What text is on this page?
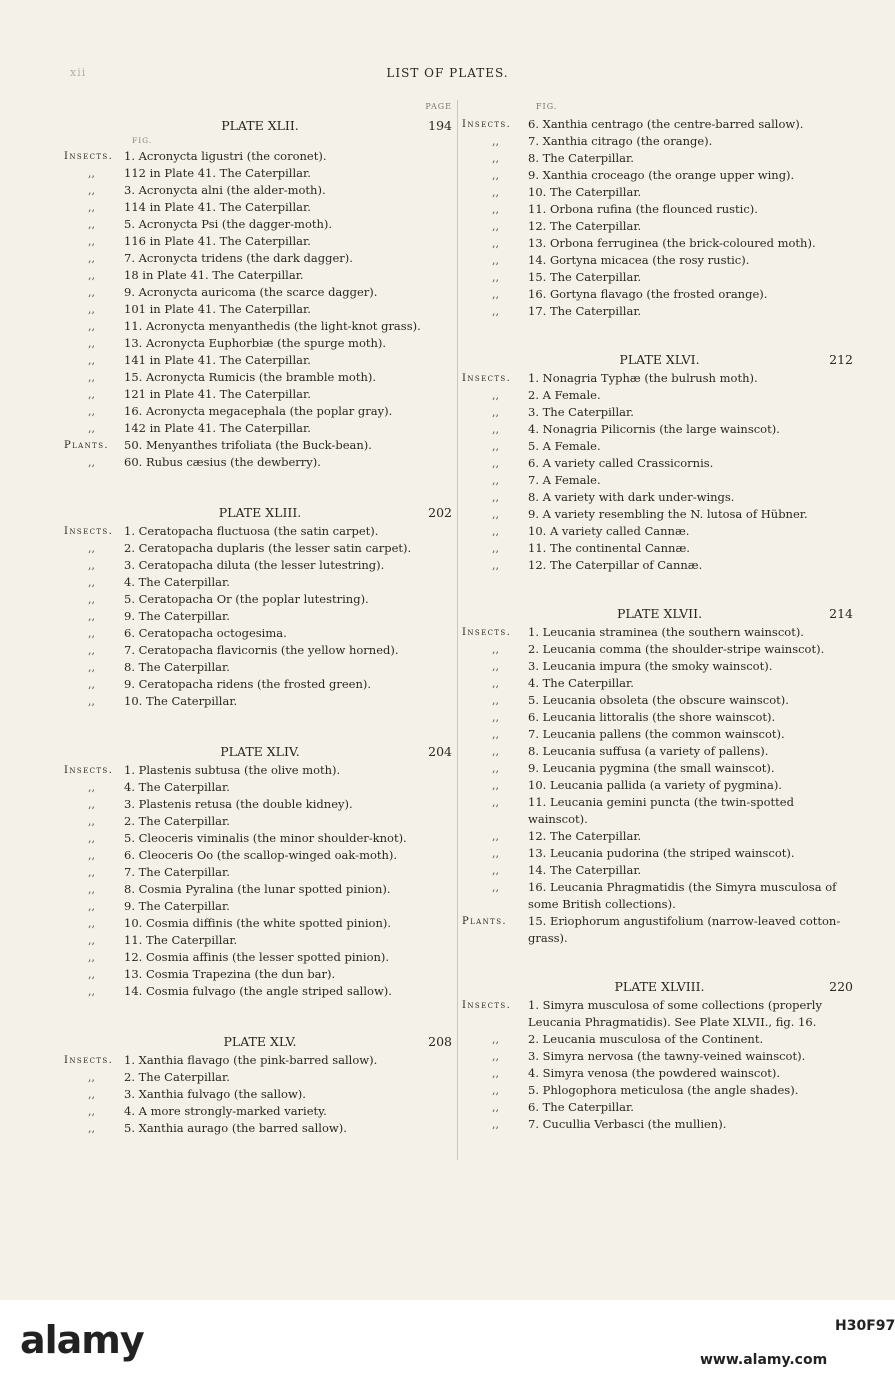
xii	LIST OF PLATES.
PAGE
PLATE XLII.	194
FIG.
Insects. 1. Acronycta ligustri (the coronet).
,,	112 in Plate 41. The Caterpillar.
,,	3. Acronycta alni (the alder-moth).
,,	114 in Plate 41. The Caterpillar.
,,	5. Acronycta Psi (the dagger-moth).
,,	116 in Plate 41. The Caterpillar.
,,	7. Acronycta tridens (the dark dagger).
,,	18 in Plate 41. The Caterpillar.
,,	9. Acronycta auricoma (the scarce dagger).
,,	101 in Plate 41. The Caterpillar.
,,	11. Acronycta menyanthedis (the light-knot grass).
,,	13. Acronycta Euphorbiæ (the spurge moth).
,,	141 in Plate 41. The Caterpillar.
,,	15. Acronycta Rumicis (the bramble moth).
,,	121 in Plate 41. The Caterpillar.
,,	16. Acronycta megacephala (the poplar gray).
,,	142 in Plate 41. The Caterpillar.
Plants.	50. Menyanthes trifoliata (the Buck-bean).
,,	60. Rubus cæsius (the dewberry).
PLATE XLIII.	202
Insects. 1. Ceratopacha fluctuosa (the satin carpet).
,,	2. Ceratopacha duplaris (the lesser satin carpet).
,,	3. Ceratopacha diluta (the lesser lutestring).
,,	4. The Caterpillar.
,,	5. Ceratopacha Or (the poplar lutestring).
,,	9. The Caterpillar.
,,	6. Ceratopacha octogesima.
,,	7. Ceratopacha flavicornis (the yellow horned).
,,	8. The Caterpillar.
,,	9. Ceratopacha ridens (the frosted green).
,,	10. The Caterpillar.
PLATE XLIV.	204
Insects. 1. Plastenis subtusa (the olive moth).
,,	4. The Caterpillar.
,,	3. Plastenis retusa (the double kidney).
,,	2. The Caterpillar.
,,	5. Cleoceris viminalis (the minor shoulder-knot).
,,	6. Cleoceris Oo (the scallop-winged oak-moth).
,,	7. The Caterpillar.
,,	8. Cosmia Pyralina (the lunar spotted pinion).
,,	9. The Caterpillar.
,,	10. Cosmia diffinis (the white spotted pinion).
,,	11. The Caterpillar.
,,	12. Cosmia affinis (the lesser spotted pinion).
,,	13. Cosmia Trapezina (the dun bar).
,,	14. Cosmia fulvago (the angle striped sallow).
PLATE XLV.	208
Insects. 1. Xanthia flavago (the pink-barred sallow).
,,	2. The Caterpillar.
,,	3. Xanthia fulvago (the sallow).
,,	4. A more strongly-marked variety.
,,	5. Xanthia aurago (the barred sallow).
FIG.
Insects.	6. Xanthia centrago (the centre-barred sallow).
,,	7. Xanthia citrago (the orange).
,,	8. The Caterpillar.
,,	9. Xanthia croceago (the orange upper wing).
,,	10. The Caterpillar.
,,	11. Orbona rufina (the flounced rustic).
,,	12. The Caterpillar.
,,	13. Orbona ferruginea (the brick-coloured moth).
,,	14. Gortyna micacea (the rosy rustic).
,,	15. The Caterpillar.
,,	16. Gortyna flavago (the frosted orange).
,,	17. The Caterpillar.
PLATE XLVI.	212
Insects.	1. Nonagria Typhæ (the bulrush moth).
,,	2. A Female.
,,	3. The Caterpillar.
,,	4. Nonagria Pilicornis (the large wainscot).
,,	5. A Female.
,,	6. A variety called Crassicornis.
,,	7. A Female.
,,	8. A variety with dark under-wings.
,,	9. A variety resembling the N. lutosa of Hübner.
,,	10. A variety called Cannæ.
,,	11. The continental Cannæ.
,,	12. The Caterpillar of Cannæ.
PLATE XLVII.	214
Insects.	1. Leucania straminea (the southern wainscot).
,,	2. Leucania comma (the shoulder-stripe wainscot).
,,	3. Leucania impura (the smoky wainscot).
,,	4. The Caterpillar.
,,	5. Leucania obsoleta (the obscure wainscot).
,,	6. Leucania littoralis (the shore wainscot).
,,	7. Leucania pallens (the common wainscot).
,,	8. Leucania suffusa (a variety of pallens).
,,	9. Leucania pygmina (the small wainscot).
,,	10. Leucania pallida (a variety of pygmina).
,,	11. Leucania gemini puncta (the twin-spotted wainscot).
,,	12. The Caterpillar.
,,	13. Leucania pudorina (the striped wainscot).
,,	14. The Caterpillar.
,,	16. Leucania Phragmatidis (the Simyra musculosa of some British collections).
Plants.	15. Eriophorum angustifolium (narrow-leaved cotton-grass).
PLATE XLVIII.	220
Insects.	1. Simyra musculosa of some collections (properly Leucania Phragmatidis). See Plate XLVII., fig. 16.
,,	2. Leucania musculosa of the Continent.
,,	3. Simyra nervosa (the tawny-veined wainscot).
,,	4. Simyra venosa (the powdered wainscot).
,,	5. Phlogophora meticulosa (the angle shades).
,,	6. The Caterpillar.
,,	7. Cucullia Verbasci (the mullien).
alamy	H30F97
www.alamy.com
